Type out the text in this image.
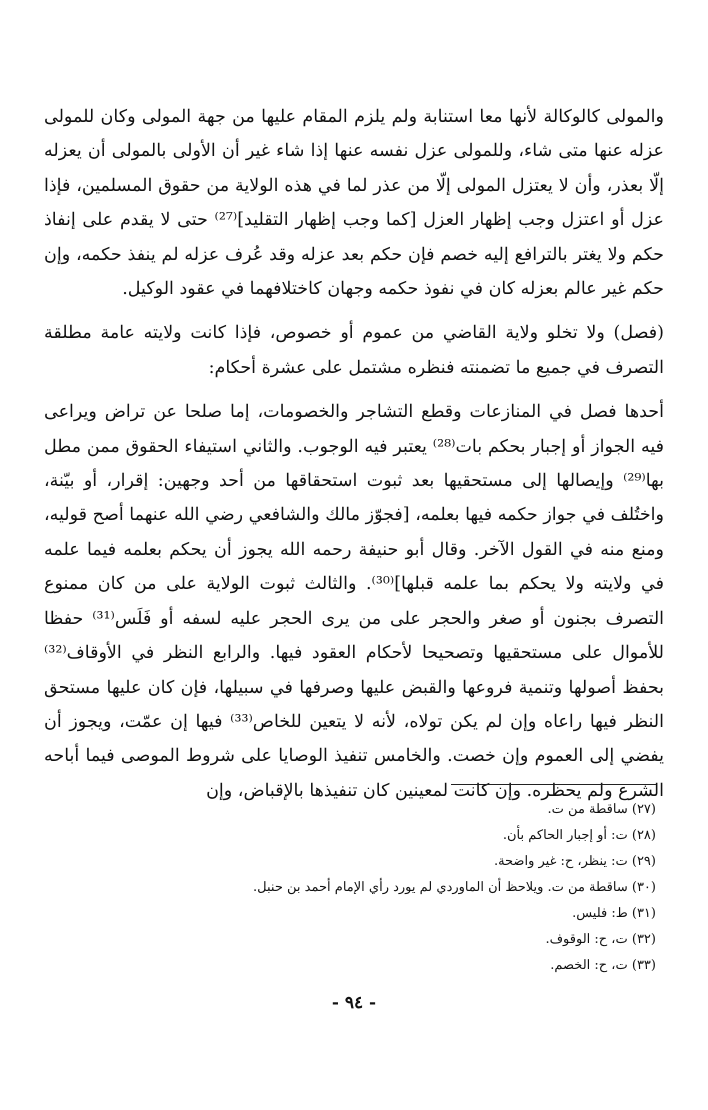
والمولى كالوكالة لأنها معا استنابة ولم يلزم المقام عليها من جهة المولى وكان للمولى عزله عنها متى شاء، وللمولى عزل نفسه عنها إذا شاء غير أن الأولى بالمولى أن يعزله إلّا بعذر، وأن لا يعتزل المولى إلّا من عذر لما في هذه الولاية من حقوق المسلمين، فإذا عزل أو اعتزل وجب إظهار العزل [كما وجب إظهار التقليد]⁽²⁷⁾ حتى لا يقدم على إنفاذ حكم ولا يغتر بالترافع إليه خصم فإن حكم بعد عزله وقد عُرف عزله لم ينفذ حكمه، وإن حكم غير عالم بعزله كان في نفوذ حكمه وجهان كاختلافهما في عقود الوكيل.

(فصل) ولا تخلو ولاية القاضي من عموم أو خصوص، فإذا كانت ولايته عامة مطلقة التصرف في جميع ما تضمنته فنظره مشتمل على عشرة أحكام:

أحدها فصل في المنازعات وقطع التشاجر والخصومات، إما صلحا عن تراض ويراعى فيه الجواز أو إجبار بحكم بات⁽²⁸⁾ يعتبر فيه الوجوب. والثاني استيفاء الحقوق ممن مطل بها⁽²⁹⁾ وإيصالها إلى مستحقيها بعد ثبوت استحقاقها من أحد وجهين: إقرار، أو بيّنة، واختُلف في جواز حكمه فيها بعلمه، [فجوّز مالك والشافعي رضي الله عنهما أصح قوليه، ومنع منه في القول الآخر. وقال أبو حنيفة رحمه الله يجوز أن يحكم بعلمه فيما علمه في ولايته ولا يحكم بما علمه قبلها]⁽³⁰⁾. والثالث ثبوت الولاية على من كان ممنوع التصرف بجنون أو صغر والحجر على من يرى الحجر عليه لسفه أو فَلَس⁽³¹⁾ حفظا للأموال على مستحقيها وتصحيحا لأحكام العقود فيها. والرابع النظر في الأوقاف⁽³²⁾ بحفظ أصولها وتنمية فروعها والقبض عليها وصرفها في سبيلها، فإن كان عليها مستحق النظر فيها راعاه وإن لم يكن تولاه، لأنه لا يتعين للخاص⁽³³⁾ فيها إن عمّت، ويجوز أن يفضي إلى العموم وإن خصت. والخامس تنفيذ الوصايا على شروط الموصى فيما أباحه الشرع ولم يحظره. وإن كانت لمعينين كان تنفيذها بالإقباض، وإن

(٢٧) ساقطة من ت.
(٢٨) ت: أو إجبار الحاكم بأن.
(٢٩) ت: ينظر، ح: غير واضحة.
(٣٠) ساقطة من ت. ويلاحظ أن الماوردي لم يورد رأي الإمام أحمد بن حنبل.
(٣١) ط: فليس.
(٣٢) ت، ح: الوقوف.
(٣٣) ت، ح: الخصم.
- ٩٤ -
